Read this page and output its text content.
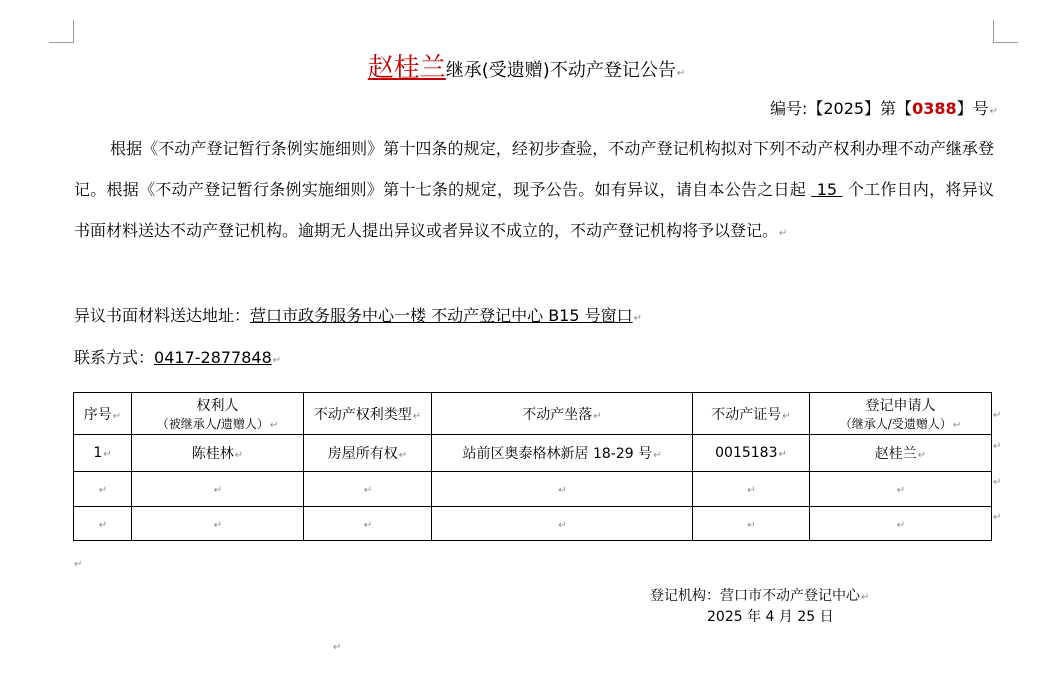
赵桂兰继承(受遗赠)不动产登记公告↵
编号:【2025】第【0388】号↵

根据《不动产登记暂行条例实施细则》第十四条的规定，经初步查验，不动产登记机构拟对下列不动产权利办理不动产继承登记。根据《不动产登记暂行条例实施细则》第十七条的规定，现予公告。如有异议，请自本公告之日起 15 个工作日内，将异议书面材料送达不动产登记机构。逾期无人提出异议或者异议不成立的，不动产登记机构将予以登记。↵

异议书面材料送达地址：营口市政务服务中心一楼 不动产登记中心 B15 号窗口↵
联系方式：0417-2877848↵
序号↵	权利人
（被继承人/遗赠人）↵	不动产权利类型↵	不动产坐落↵	不动产证号↵	登记申请人
（继承人/受遗赠人）↵
1↵	陈桂林↵	房屋所有权↵	站前区奥泰格林新居 18-29 号↵	0015183↵	赵桂兰↵
↵	↵	↵	↵	↵	↵
↵	↵	↵	↵	↵	↵
↵
↵
↵
↵
↵
登记机构：营口市不动产登记中心↵
2025 年 4 月 25 日
↵
